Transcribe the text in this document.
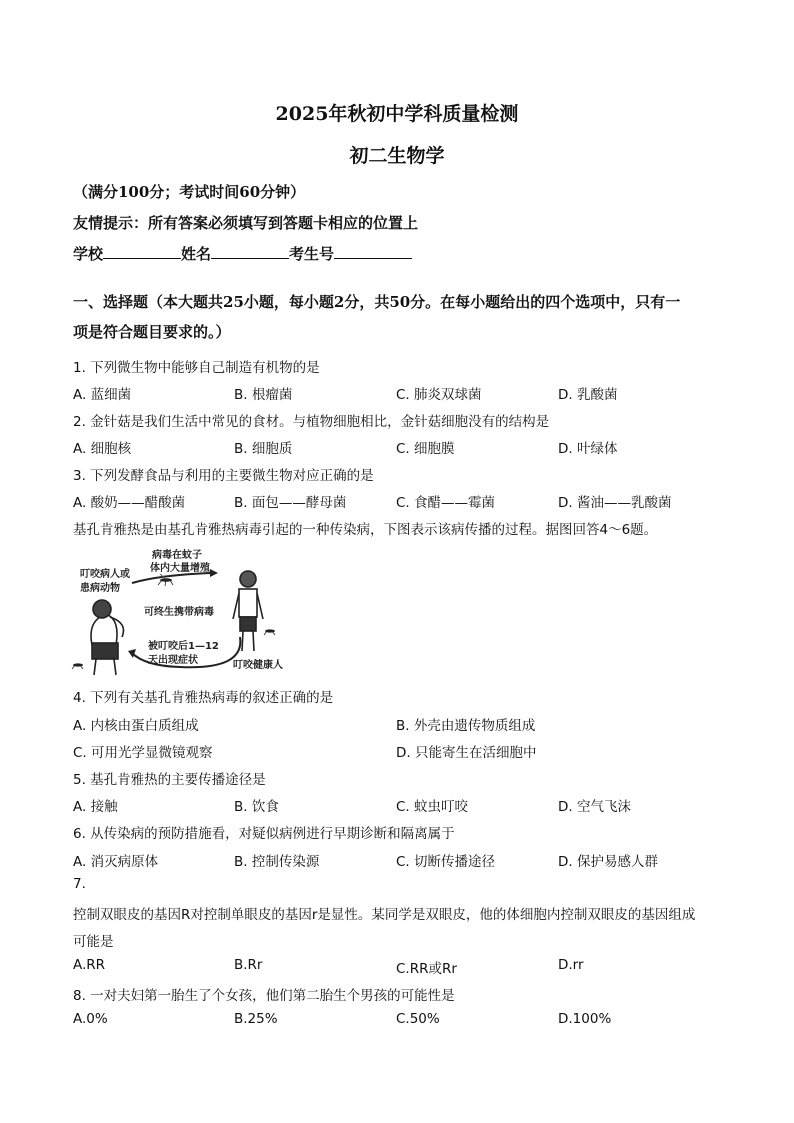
2025年秋初中学科质量检测
初二生物学
（满分100分；考试时间60分钟）
友情提示：所有答案必须填写到答题卡相应的位置上
学校	姓名	考生号
一、选择题（本大题共25小题，每小题2分，共50分。在每小题给出的四个选项中，只有一
项是符合题目要求的。）
1. 下列微生物中能够自己制造有机物的是
A. 蓝细菌	B. 根瘤菌	C. 肺炎双球菌	D. 乳酸菌
2. 金针菇是我们生活中常见的食材。与植物细胞相比，金针菇细胞没有的结构是
A. 细胞核	B. 细胞质	C. 细胞膜	D. 叶绿体
3. 下列发酵食品与利用的主要微生物对应正确的是
A. 酸奶——醋酸菌	B. 面包——酵母菌	C. 食醋——霉菌	D. 酱油——乳酸菌
基孔肯雅热是由基孔肯雅热病毒引起的一种传染病，下图表示该病传播的过程。据图回答4～6题。
病毒在蚊子
体内大量增殖
叮咬病人或
患病动物
可终生携带病毒
被叮咬后1—12
天出现症状	叮咬健康人
4. 下列有关基孔肯雅热病毒的叙述正确的是
A. 内核由蛋白质组成	B. 外壳由遗传物质组成
C. 可用光学显微镜观察	D. 只能寄生在活细胞中
5. 基孔肯雅热的主要传播途径是
A. 接触	B. 饮食	C. 蚊虫叮咬	D. 空气飞沫
6. 从传染病的预防措施看，对疑似病例进行早期诊断和隔离属于
A. 消灭病原体	B. 控制传染源	C. 切断传播途径	D. 保护易感人群
7.
控制双眼皮的基因R对控制单眼皮的基因r是显性。某同学是双眼皮，他的体细胞内控制双眼皮的基因组成
可能是
A.RR	B.Rr	C.RR或Rr	D.rr
8. 一对夫妇第一胎生了个女孩，他们第二胎生个男孩的可能性是
A.0%	B.25%	C.50%	D.100%
